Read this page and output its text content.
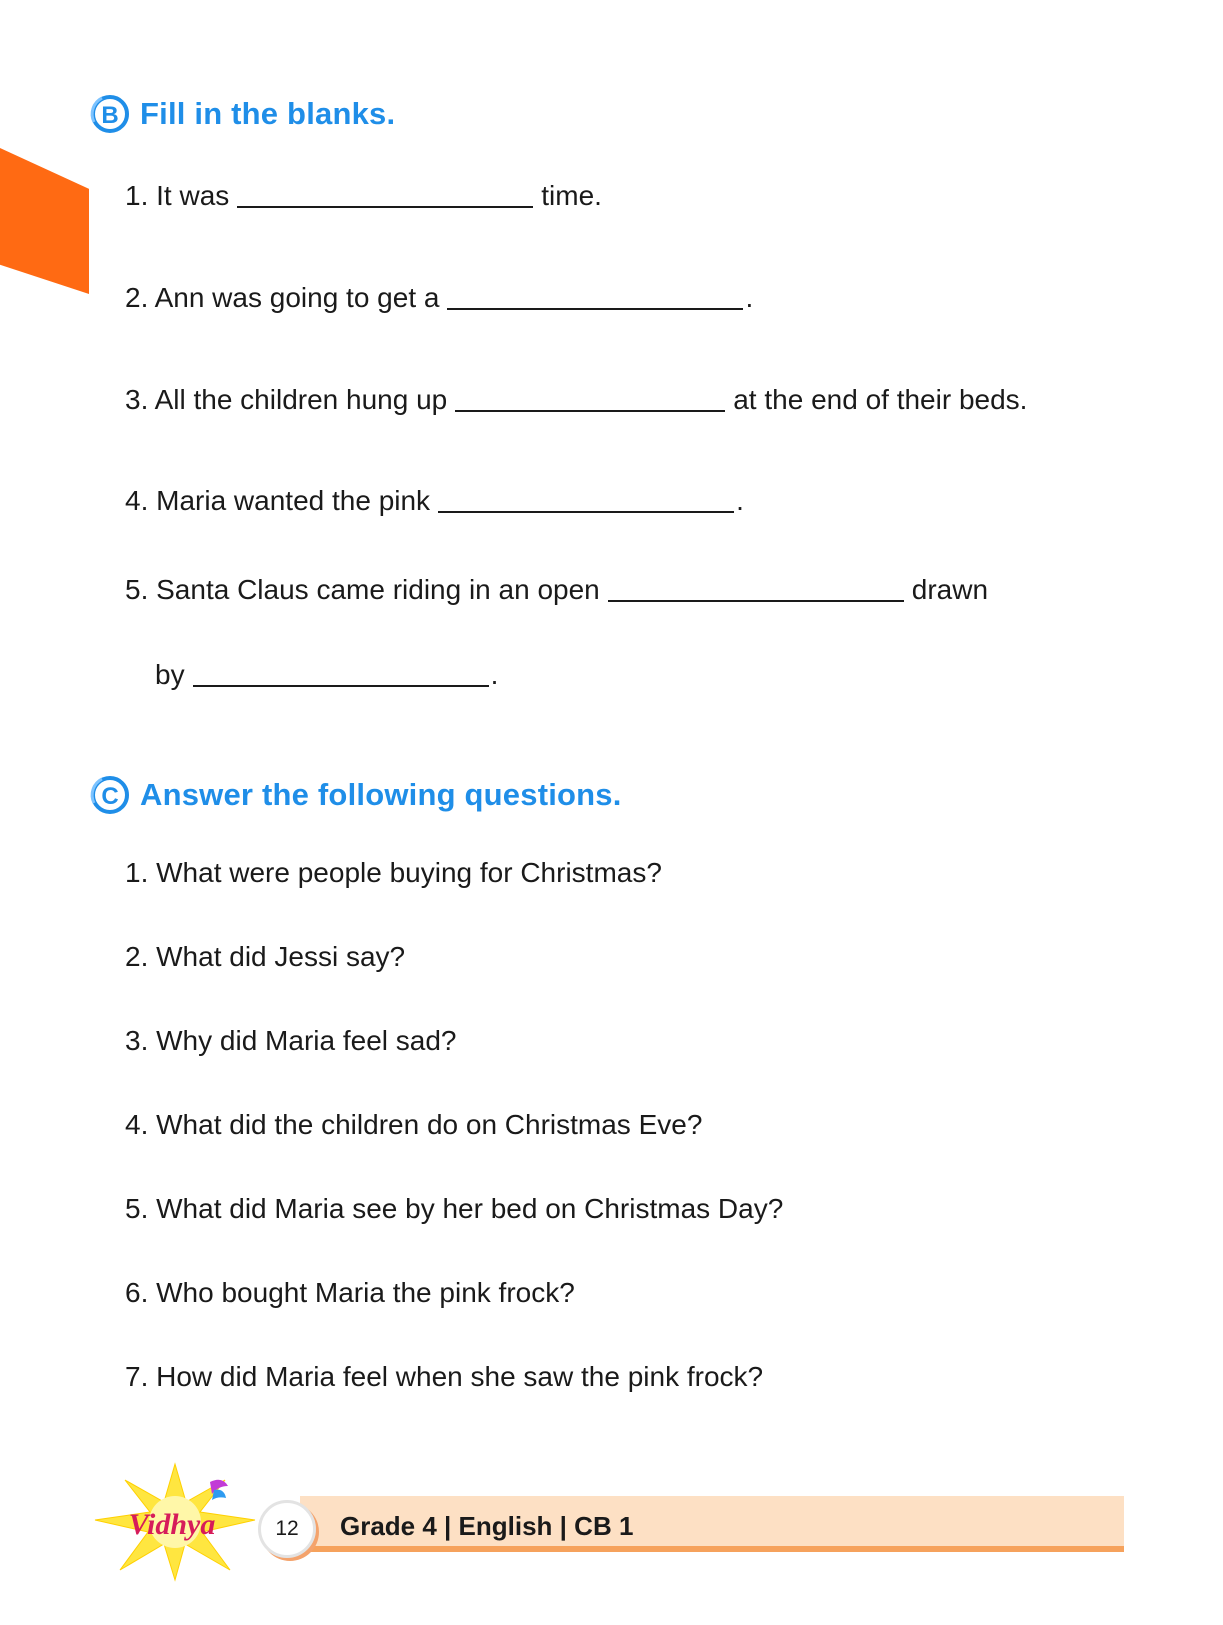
B Fill in the blanks.
1. It was	time.
2. Ann was going to get a	.
3. All the children hung up	at the end of their beds.
4. Maria wanted the pink	.
5. Santa Claus came riding in an open	drawn
by	.
C Answer the following questions.
1. What were people buying for Christmas?
2. What did Jessi say?
3. Why did Maria feel sad?
4. What did the children do on Christmas Eve?
5. What did Maria see by her bed on Christmas Day?
6. Who bought Maria the pink frock?
7. How did Maria feel when she saw the pink frock?
Vidhya	12	Grade 4 | English | CB 1
